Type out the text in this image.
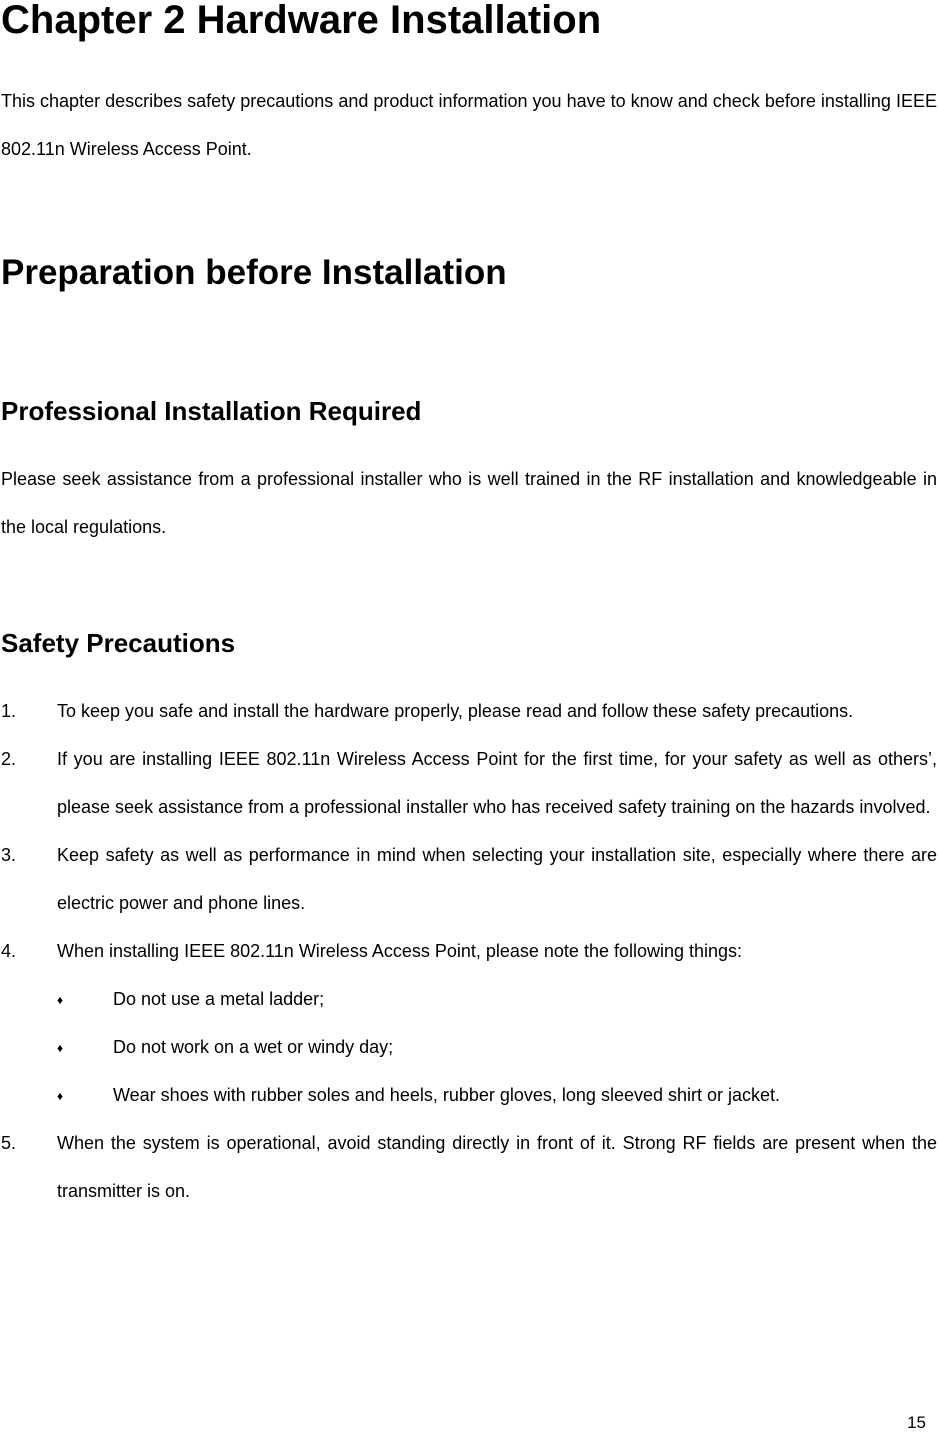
Chapter 2 Hardware Installation

This chapter describes safety precautions and product information you have to know and check before installing IEEE 802.11n Wireless Access Point.

Preparation before Installation
Professional Installation Required

Please seek assistance from a professional installer who is well trained in the RF installation and knowledgeable in the local regulations.

Safety Precautions
1. To keep you safe and install the hardware properly, please read and follow these safety precautions.
2. If you are installing IEEE 802.11n Wireless Access Point for the first time, for your safety as well as others’, please seek assistance from a professional installer who has received safety training on the hazards involved.
3. Keep safety as well as performance in mind when selecting your installation site, especially where there are electric power and phone lines.
4. When installing IEEE 802.11n Wireless Access Point, please note the following things:
♦	Do not use a metal ladder;
♦	Do not work on a wet or windy day;
♦	Wear shoes with rubber soles and heels, rubber gloves, long sleeved shirt or jacket.
5. When the system is operational, avoid standing directly in front of it. Strong RF fields are present when the transmitter is on.
15
